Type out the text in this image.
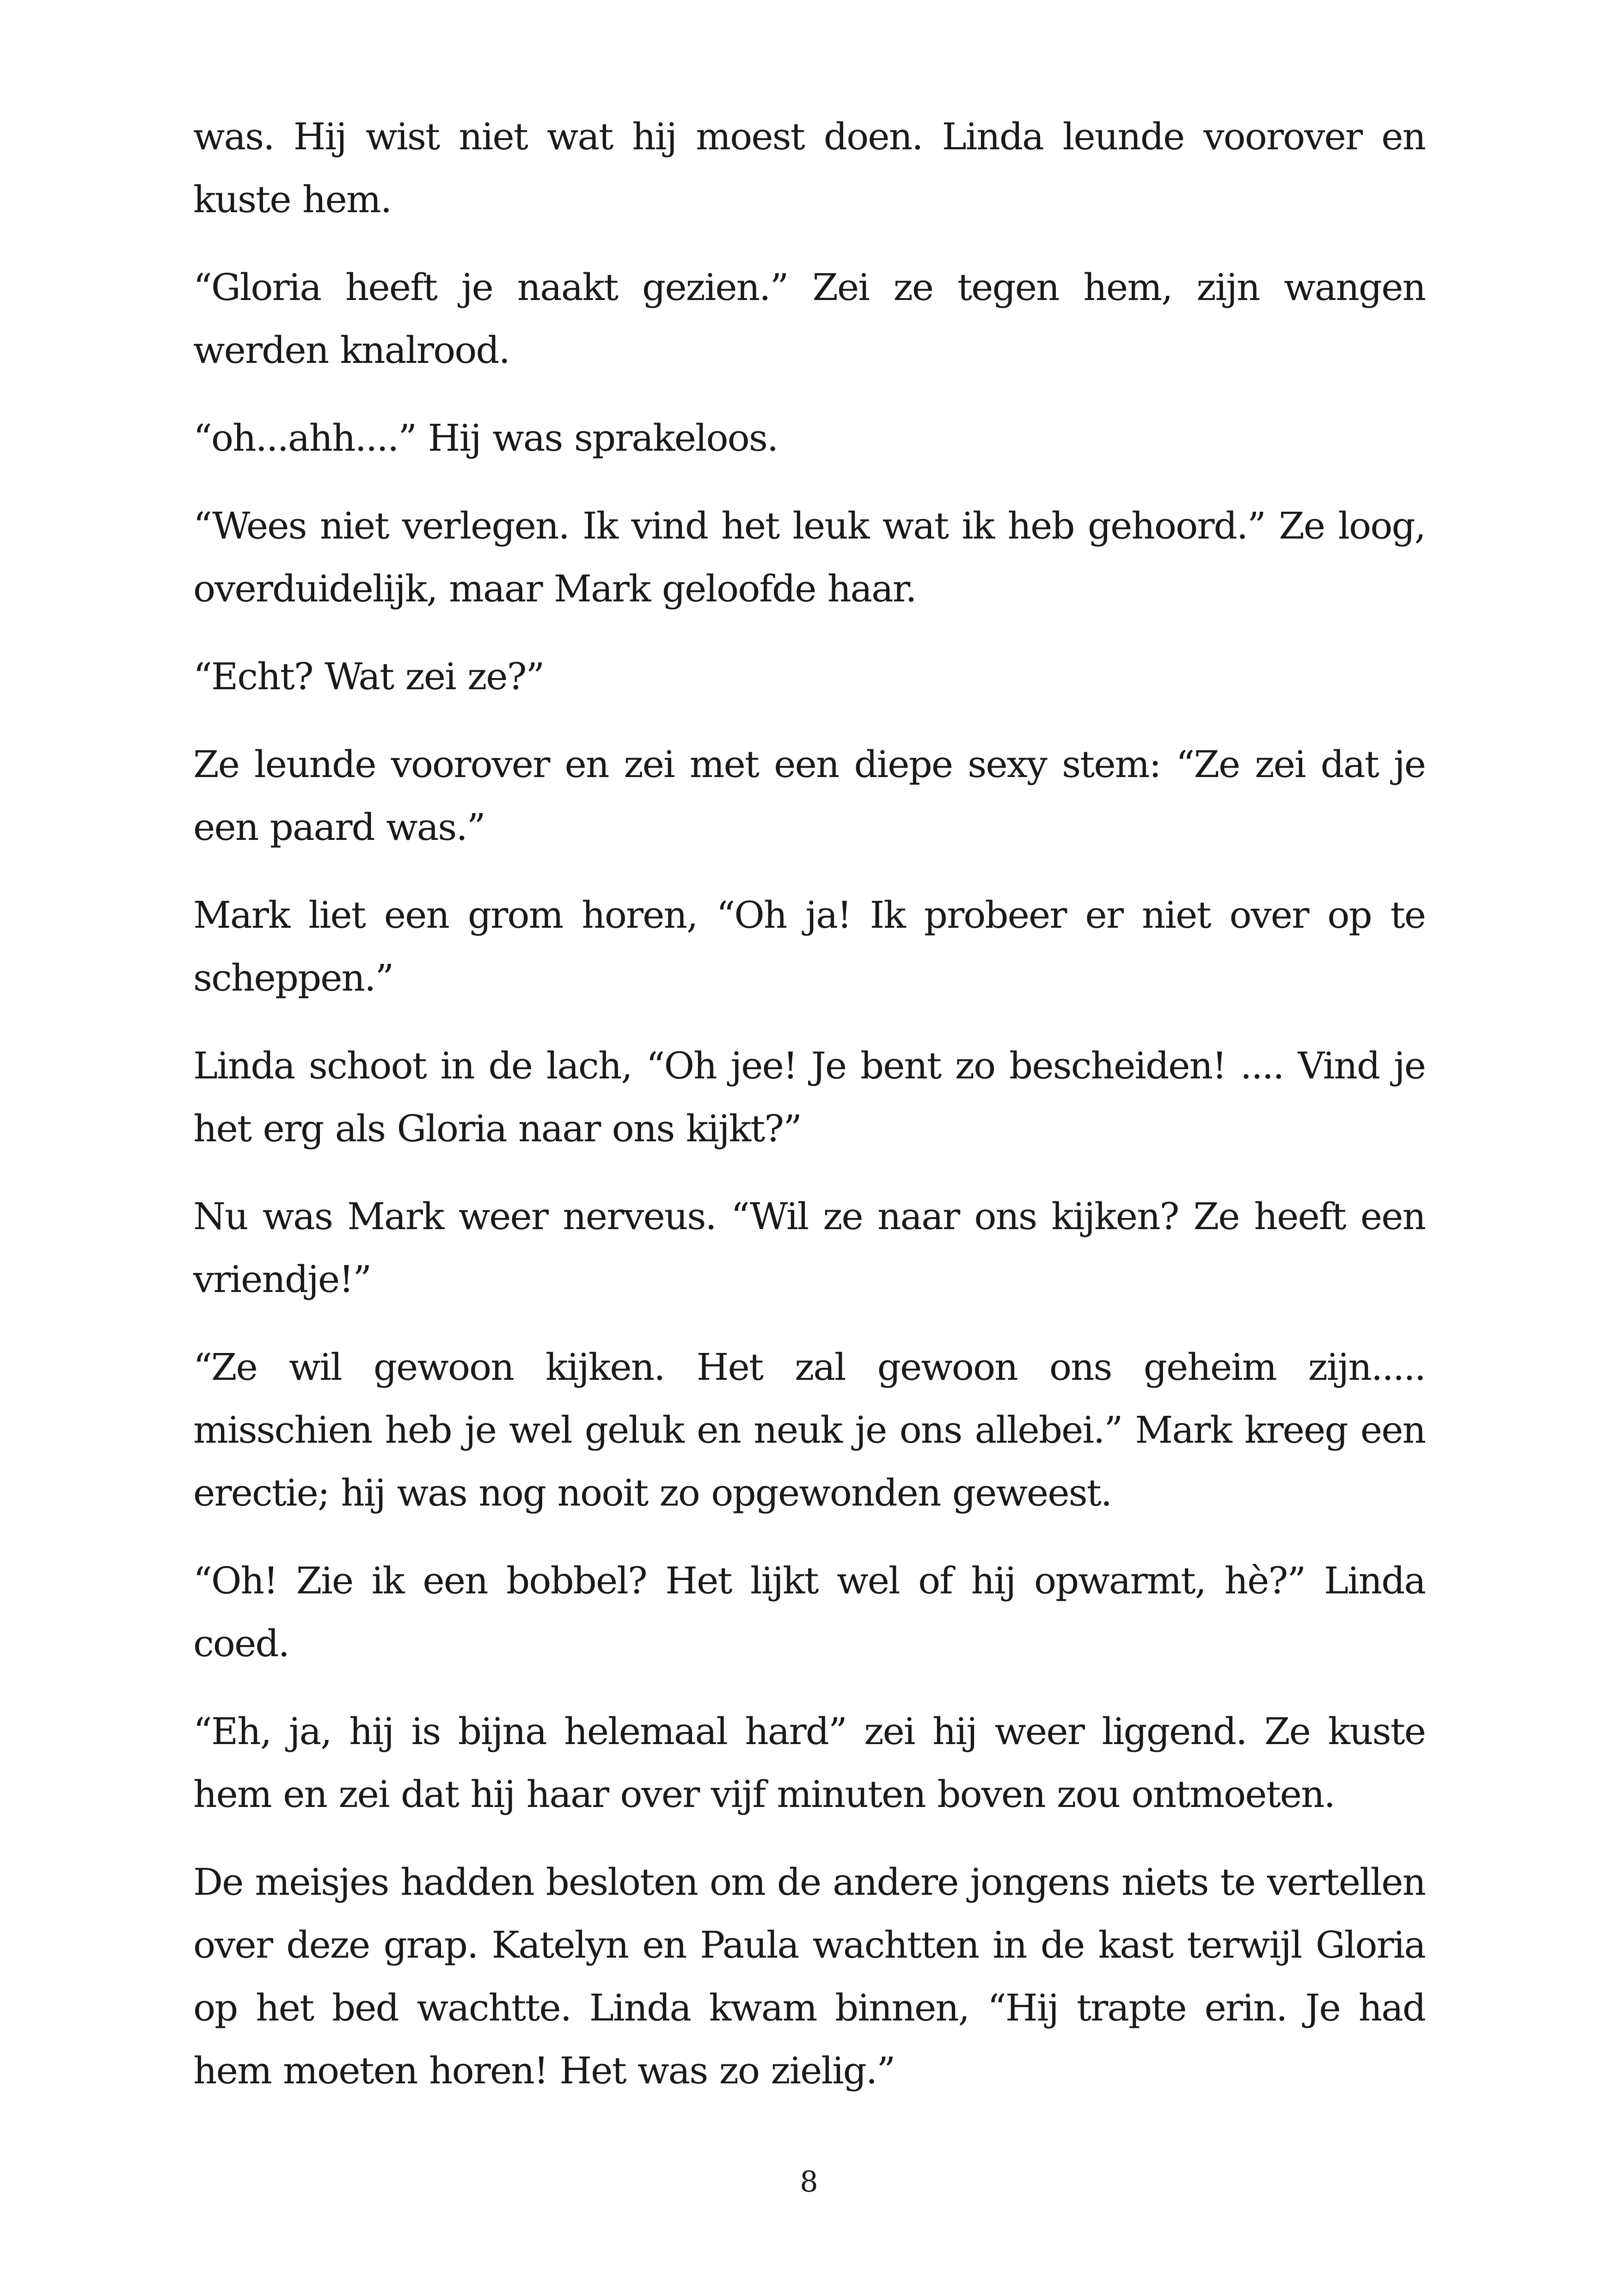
was. Hij wist niet wat hij moest doen. Linda leunde voorover en kuste hem.

“Gloria heeft je naakt gezien.” Zei ze tegen hem, zijn wangen werden knalrood.

“oh...ahh....” Hij was sprakeloos.

“Wees niet verlegen. Ik vind het leuk wat ik heb gehoord.” Ze loog, overduidelijk, maar Mark geloofde haar.

“Echt? Wat zei ze?”

Ze leunde voorover en zei met een diepe sexy stem: “Ze zei dat je een paard was.”

Mark liet een grom horen, “Oh ja! Ik probeer er niet over op te scheppen.”

Linda schoot in de lach, “Oh jee! Je bent zo bescheiden! .... Vind je het erg als Gloria naar ons kijkt?”

Nu was Mark weer nerveus. “Wil ze naar ons kijken? Ze heeft een vriendje!”

“Ze wil gewoon kijken. Het zal gewoon ons geheim zijn..... misschien heb je wel geluk en neuk je ons allebei.” Mark kreeg een erectie; hij was nog nooit zo opgewonden geweest.

“Oh! Zie ik een bobbel? Het lijkt wel of hij opwarmt, hè?” Linda coed.

“Eh, ja, hij is bijna helemaal hard” zei hij weer liggend. Ze kuste hem en zei dat hij haar over vijf minuten boven zou ontmoeten.

De meisjes hadden besloten om de andere jongens niets te vertellen over deze grap. Katelyn en Paula wachtten in de kast terwijl Gloria op het bed wachtte. Linda kwam binnen, “Hij trapte erin. Je had hem moeten horen! Het was zo zielig.”

8
